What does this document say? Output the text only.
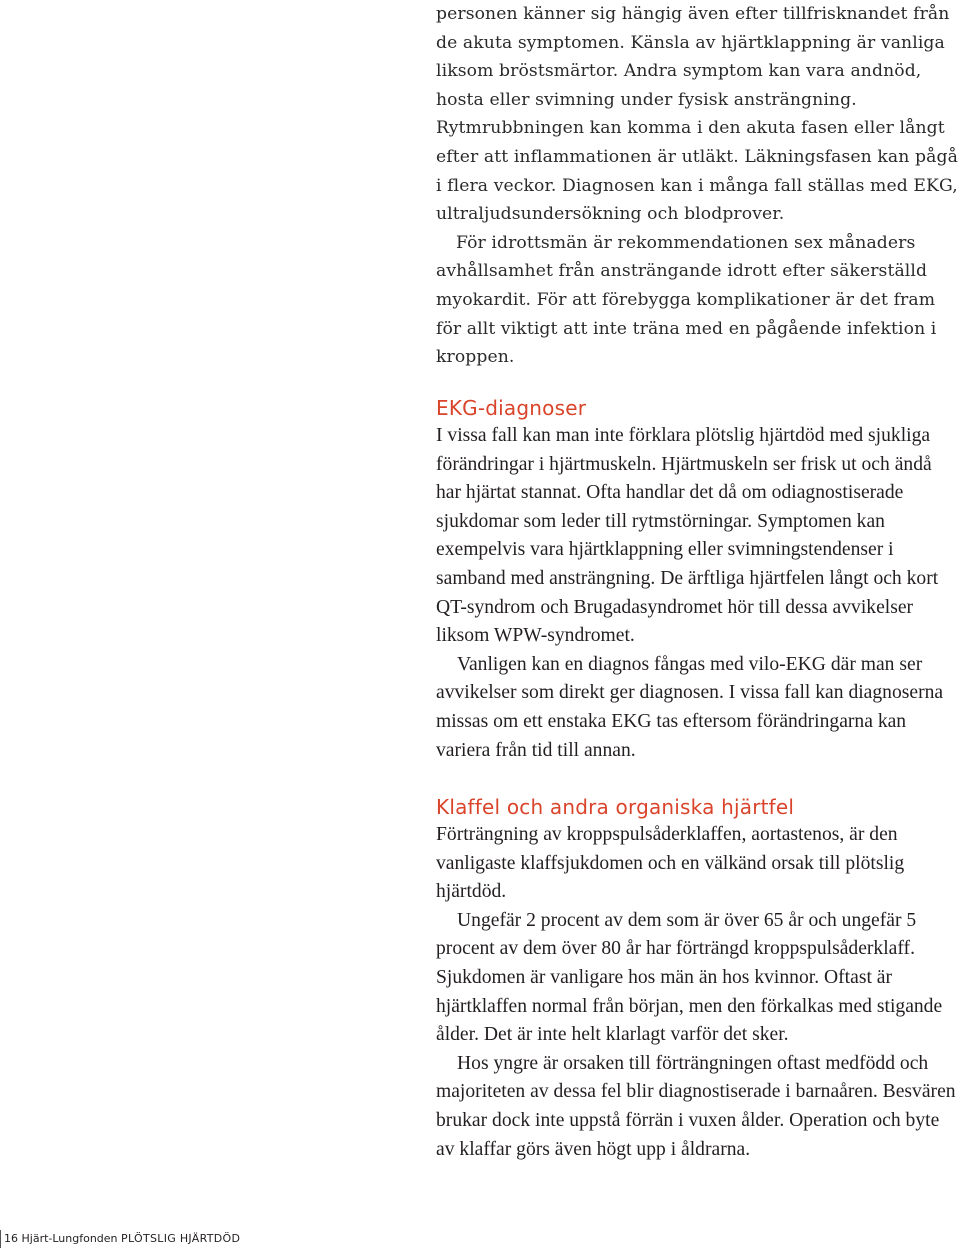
personen känner sig hängig även efter tillfrisknandet från de akuta symptomen. Känsla av hjärtklappning är vanliga liksom bröstsmärtor. Andra symptom kan vara andnöd, hosta eller svimning under fysisk ansträngning. Rytmrubbningen kan komma i den akuta fasen eller långt efter att inflammationen är utläkt. Läkningsfasen kan pågå i flera veckor. Diagnosen kan i många fall ställas med EKG, ultraljudsundersökning och blodprover.

För idrottsmän är rekommendationen sex månaders avhållsamhet från ansträngande idrott efter säkerställd myokardit. För att förebygga komplikationer är det fram för allt viktigt att inte träna med en pågående infektion i kroppen.

EKG-diagnoser

I vissa fall kan man inte förklara plötslig hjärtdöd med sjukliga förändringar i hjärtmuskeln. Hjärtmuskeln ser frisk ut och ändå har hjärtat stannat. Ofta handlar det då om odiagnostiserade sjukdomar som leder till rytmstörningar. Symptomen kan exempelvis vara hjärtklappning eller svimningstendenser i samband med ansträngning. De ärftliga hjärtfelen långt och kort QT-syndrom och Brugadasyndromet hör till dessa avvikelser liksom WPW-syndromet.

Vanligen kan en diagnos fångas med vilo-EKG där man ser avvikelser som direkt ger diagnosen. I vissa fall kan diagnoserna missas om ett enstaka EKG tas eftersom förändringarna kan variera från tid till annan.

Klaffel och andra organiska hjärtfel

Förträngning av kroppspulsåderklaffen, aortastenos, är den vanligaste klaffsjukdomen och en välkänd orsak till plötslig hjärtdöd.

Ungefär 2 procent av dem som är över 65 år och ungefär 5 procent av dem över 80 år har förträngd kroppspulsåderklaff. Sjukdomen är vanligare hos män än hos kvinnor. Oftast är hjärtklaffen normal från början, men den förkalkas med stigande ålder. Det är inte helt klarlagt varför det sker.

Hos yngre är orsaken till förträngningen oftast medfödd och majoriteten av dessa fel blir diagnostiserade i barnaåren. Besvären brukar dock inte uppstå förrän i vuxen ålder. Operation och byte av klaffar görs även högt upp i åldrarna.

16 Hjärt-Lungfonden PLÖTSLIG HJÄRTDÖD
